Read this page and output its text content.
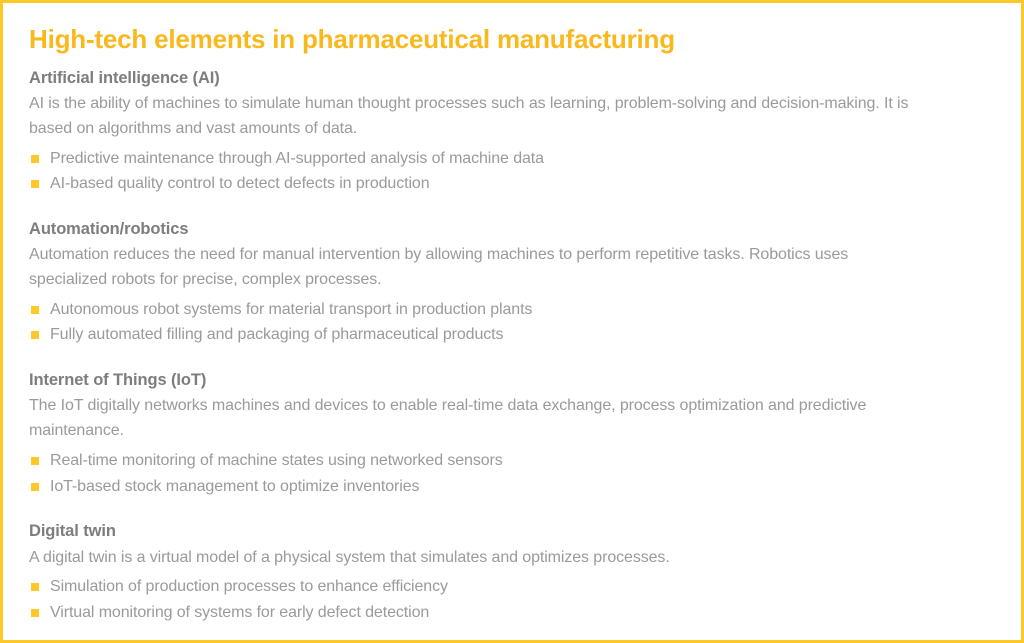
High-tech elements in pharmaceutical manufacturing
Artificial intelligence (AI)

AI is the ability of machines to simulate human thought processes such as learning, problem-solving and decision-making. It is based on algorithms and vast amounts of data.

Predictive maintenance through AI-supported analysis of machine data
AI-based quality control to detect defects in production
Automation/robotics

Automation reduces the need for manual intervention by allowing machines to perform repetitive tasks. Robotics uses specialized robots for precise, complex processes.

Autonomous robot systems for material transport in production plants
Fully automated filling and packaging of pharmaceutical products
Internet of Things (IoT)

The IoT digitally networks machines and devices to enable real-time data exchange, process optimization and predictive maintenance.

Real-time monitoring of machine states using networked sensors
IoT-based stock management to optimize inventories
Digital twin

A digital twin is a virtual model of a physical system that simulates and optimizes processes.

Simulation of production processes to enhance efficiency
Virtual monitoring of systems for early defect detection
